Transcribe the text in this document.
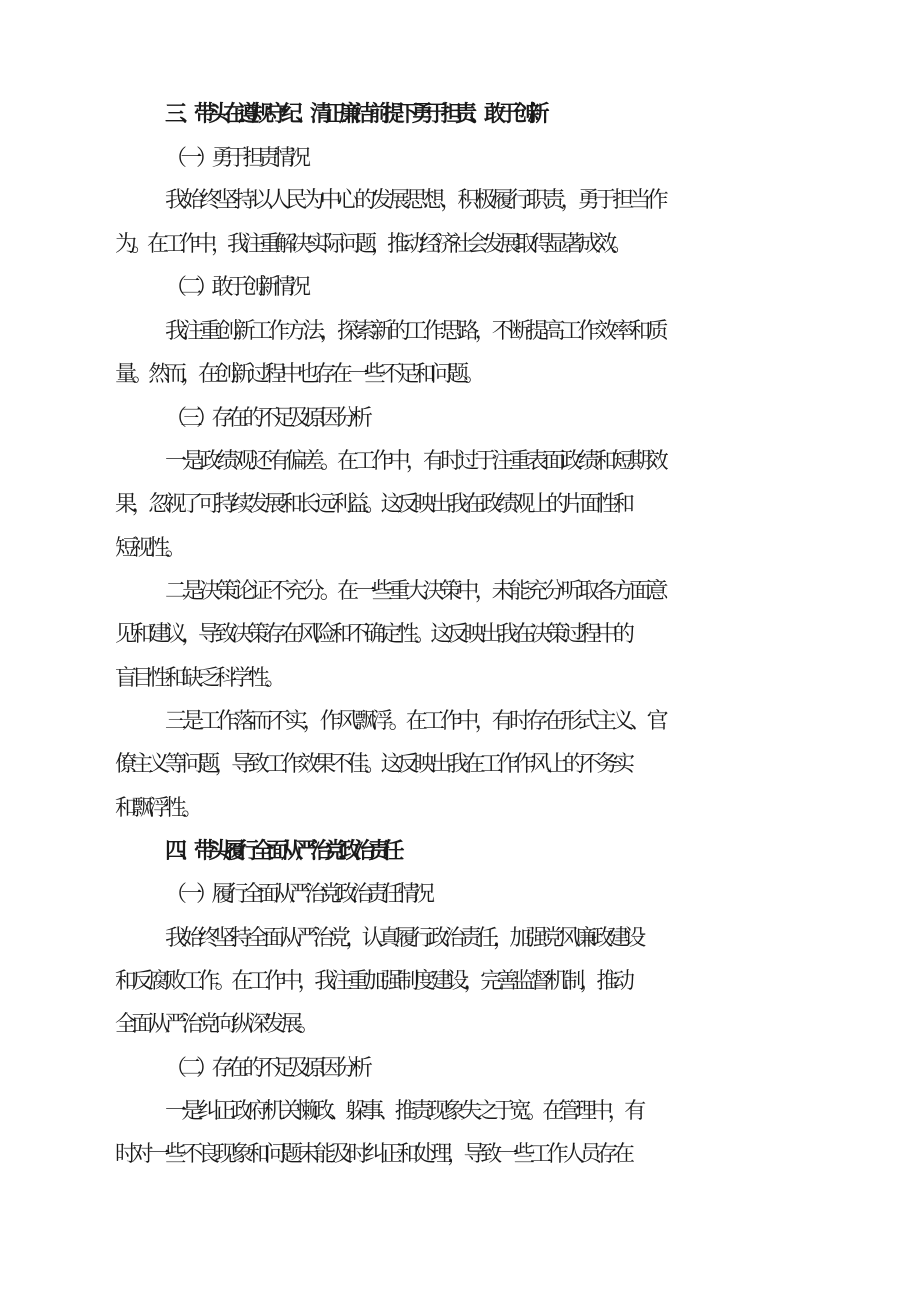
三、带头在遵规守纪、清正廉洁前提下勇于担责、敢于创新
（一）勇于担责情况
我始终坚持以人民为中心的发展思想，积极履行职责，勇于担当作
为。在工作中，我注重解决实际问题，推动经济社会发展取得显著成效。
（二）敢于创新情况
我注重创新工作方法，探索新的工作思路，不断提高工作效率和质
量。然而，在创新过程中也存在一些不足和问题。
（三）存在的不足及原因分析
一是政绩观还有偏差。在工作中，有时过于注重表面政绩和短期效
果，忽视了可持续发展和长远利益。这反映出我在政绩观上的片面性和
短视性。
二是决策论证不充分。在一些重大决策中，未能充分听取各方面意
见和建议，导致决策存在风险和不确定性。这反映出我在决策过程中的
盲目性和缺乏科学性。
三是工作落而不实，作风飘浮。在工作中，有时存在形式主义、官
僚主义等问题，导致工作效果不佳。这反映出我在工作作风上的不务实
和飘浮性。
四、带头履行全面从严治党政治责任
（一）履行全面从严治党政治责任情况
我始终坚持全面从严治党，认真履行政治责任，加强党风廉政建设
和反腐败工作。在工作中，我注重加强制度建设，完善监督机制，推动
全面从严治党向纵深发展。
（二）存在的不足及原因分析
一是纠正政府机关懒政、躲事、推责现象失之于宽。在管理中，有
时对一些不良现象和问题未能及时纠正和处理，导致一些工作人员存在
